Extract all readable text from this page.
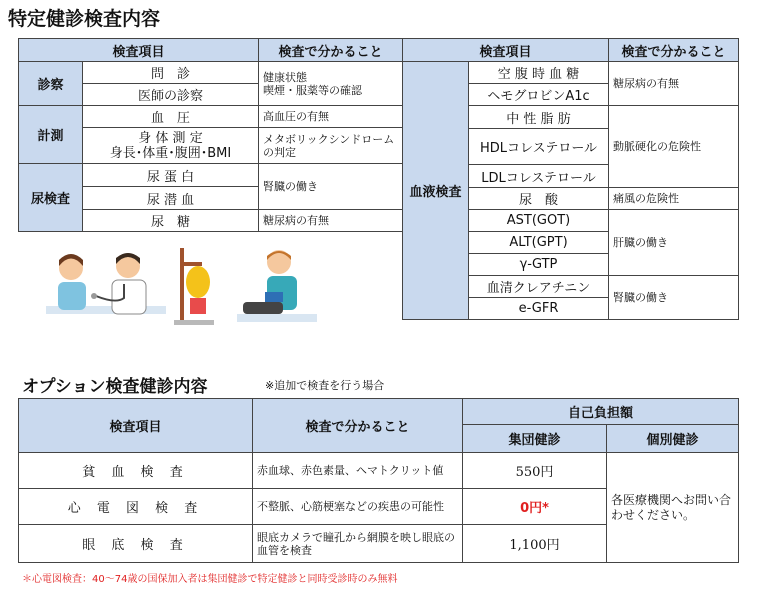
特定健診検査内容
検査項目		検査で分かること
診察	問　診	健康状態
喫煙・服薬等の確認
	医師の診察	
計測	血　圧	高血圧の有無
	身 体 測 定
身長･体重･腹囲･BMI	メタボリックシンドロームの判定
尿検査	尿 蛋 白	腎臓の働き
	尿 潜 血	
	尿　糖	糖尿病の有無
検査項目		検査で分かること
血液検査	空 腹 時 血 糖	糖尿病の有無
	ヘモグロビンA1c	
	中 性 脂 肪	動脈硬化の危険性
	HDLコレステロール	
	LDLコレステロール	
	尿　酸	痛風の危険性
	AST(GOT)	肝臓の働き
	ALT(GPT)	
	γ-GTP	
	血清クレアチニン	腎臓の働き
	e-GFR	
オプション検査健診内容	※追加で検査を行う場合
検査項目	検査で分かること	自己負担額	
		集団健診	個別健診
貧 血 検 査	赤血球、赤色素量、ヘマトクリット値	550円	各医療機関へお問い合わせください。
心 電 図 検 査	不整脈、心筋梗塞などの疾患の可能性	0円*	
眼 底 検 査	眼底カメラで瞳孔から網膜を映し眼底の血管を検査	1,100円	
＊心電図検査：40～74歳の国保加入者は集団健診で特定健診と同時受診時のみ無料
